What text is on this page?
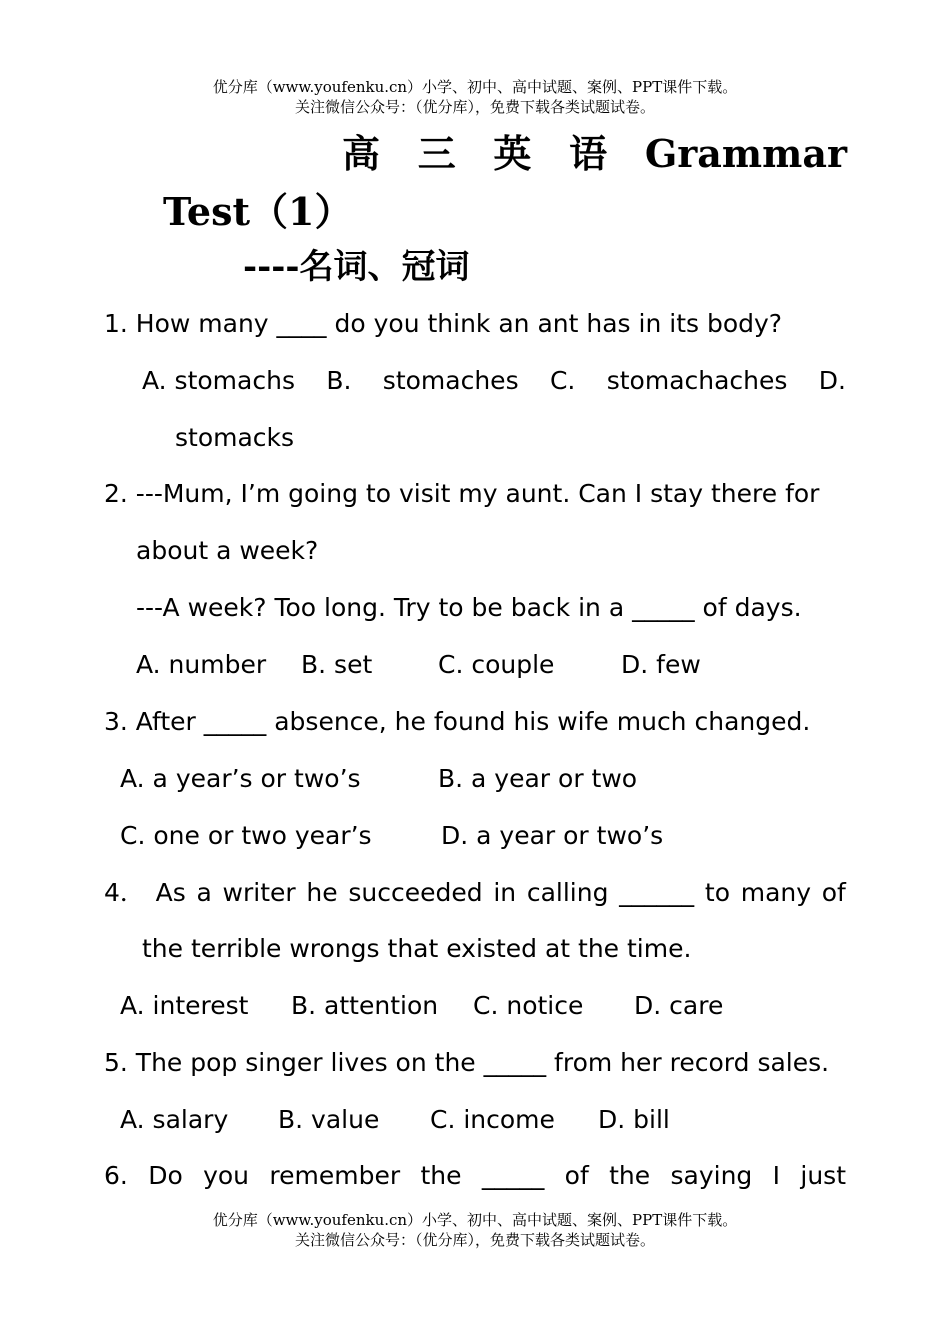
优分库（www.youfenku.cn）小学、初中、高中试题、案例、PPT课件下载。
关注微信公众号：（优分库），免费下载各类试题试卷。
高 三 英 语 Grammar
Test（1）
----名词、冠词
1. How many ____ do you think an ant has in its body?
A. stomachs B. stomaches C. stomachaches D.
stomacks
2. ---Mum, I’m going to visit my aunt. Can I stay there for
about a week?
---A week? Too long. Try to be back in a _____ of days.
A. number	B. set	C. couple	D. few
3. After _____ absence, he found his wife much changed.
A. a year’s or two’s	B. a year or two
C. one or two year’s	D. a year or two’s
4． As a writer he succeeded in calling ______ to many of
the terrible wrongs that existed at the time.
A. interest	B. attention	C. notice	D. care
5. The pop singer lives on the _____ from her record sales.
A. salary	B. value	C. income	D. bill
6. Do you remember the _____ of the saying I just
优分库（www.youfenku.cn）小学、初中、高中试题、案例、PPT课件下载。
关注微信公众号：（优分库），免费下载各类试题试卷。
